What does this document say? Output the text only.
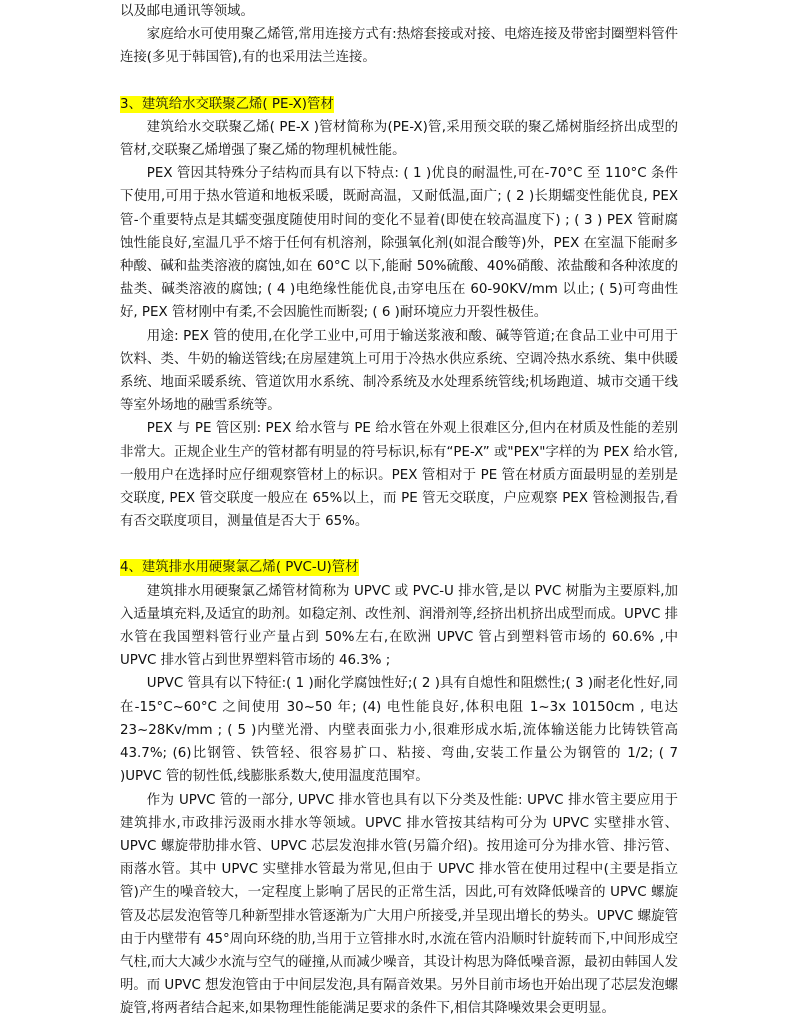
以及邮电通讯等领域。

家庭给水可使用聚乙烯管,常用连接方式有:热熔套接或对接、电熔连接及带密封圈塑料管件连接(多见于韩国管),有的也采用法兰连接。

3、建筑给水交联聚乙烯( PE-X)管材

建筑给水交联聚乙烯( PE-X )管材简称为(PE-X)管,采用预交联的聚乙烯树脂经挤出成型的管材,交联聚乙烯增强了聚乙烯的物理机械性能。

PEX 管因其特殊分子结构而具有以下特点: ( 1 )优良的耐温性,可在-70°C 至 110°C 条件下使用,可用于热水管道和地板采暖，既耐高温，又耐低温,面广; ( 2 )长期蠕变性能优良, PEX 管-个重要特点是其蠕变强度随使用时间的变化不显着(即使在较高温度下) ; ( 3 ) PEX 管耐腐蚀性能良好,室温几乎不熔于任何有机溶剂，除强氧化剂(如混合酸等)外，PEX 在室温下能耐多种酸、碱和盐类溶液的腐蚀,如在 60°C 以下,能耐 50%硫酸、40%硝酸、浓盐酸和各种浓度的盐类、碱类溶液的腐蚀; ( 4 )电绝缘性能优良,击穿电压在 60-90KV/mm 以止; ( 5)可弯曲性好, PEX 管材刚中有柔,不会因脆性而断裂; ( 6 )耐环境应力开裂性极佳。

用途: PEX 管的使用,在化学工业中,可用于输送浆液和酸、碱等管道;在食品工业中可用于饮料、类、牛奶的输送管线;在房屋建筑上可用于冷热水供应系统、空调冷热水系统、集中供暖系统、地面采暖系统、管道饮用水系统、制冷系统及水处理系统管线;机场跑道、城市交通干线等室外场地的融雪系统等。

PEX 与 PE 管区别: PEX 给水管与 PE 给水管在外观上很难区分,但内在材质及性能的差别非常大。正规企业生产的管材都有明显的符号标识,标有“PE-X” 或"PEX"字样的为 PEX 给水管,一般用户在选择时应仔细观察管材上的标识。PEX 管相对于 PE 管在材质方面最明显的差别是交联度, PEX 管交联度一般应在 65%以上，而 PE 管无交联度，户应观察 PEX 管检测报告,看有否交联度项目，测量值是否大于 65%。

4、建筑排水用硬聚氯乙烯( PVC-U)管材

建筑排水用硬聚氯乙烯管材简称为 UPVC 或 PVC-U 排水管,是以 PVC 树脂为主要原料,加入适量填充料,及适宜的助剂。如稳定剂、改性剂、润滑剂等,经挤出机挤出成型而成。UPVC 排水管在我国塑料管行业产量占到 50%左右,在欧洲 UPVC 管占到塑料管市场的 60.6% ,中 UPVC 排水管占到世界塑料管市场的 46.3% ;

UPVC 管具有以下特征:( 1 )耐化学腐蚀性好;( 2 )具有自熄性和阻燃性;( 3 )耐老化性好,同在-15°C~60°C 之间使用 30~50 年; (4) 电性能良好,体积电阻 1~3x 10150cm , 电达 23~28Kv/mm ; ( 5 )内壁光滑、内壁表面张力小,很难形成水垢,流体输送能力比铸铁管高 43.7%; (6)比钢管、铁管轻、很容易扩口、粘接、弯曲,安装工作量公为钢管的 1/2; ( 7 )UPVC 管的韧性低,线膨胀系数大,使用温度范围窄。

作为 UPVC 管的一部分, UPVC 排水管也具有以下分类及性能: UPVC 排水管主要应用于建筑排水,市政排污汲雨水排水等领域。UPVC 排水管按其结构可分为 UPVC 实壁排水管、UPVC 螺旋带肋排水管、UPVC 芯层发泡排水管(另篇介绍)。按用途可分为排水管、排污管、雨落水管。其中 UPVC 实壁排水管最为常见,但由于 UPVC 排水管在使用过程中(主要是指立管)产生的噪音较大，一定程度上影响了居民的正常生活，因此,可有效降低噪音的 UPVC 螺旋管及芯层发泡管等几种新型排水管逐渐为广大用户所接受,并呈现出增长的势头。UPVC 螺旋管由于内壁带有 45°周向环绕的肋,当用于立管排水时,水流在管内沿顺时针旋转而下,中间形成空气柱,而大大减少水流与空气的碰撞,从而减少噪音，其设计构思为降低噪音源，最初由韩国人发明。而 UPVC 想发泡管由于中间层发泡,具有隔音效果。另外目前市场也开始出现了芯层发泡螺旋管,将两者结合起来,如果物理性能能满足要求的条件下,相信其降噪效果会更明显。
